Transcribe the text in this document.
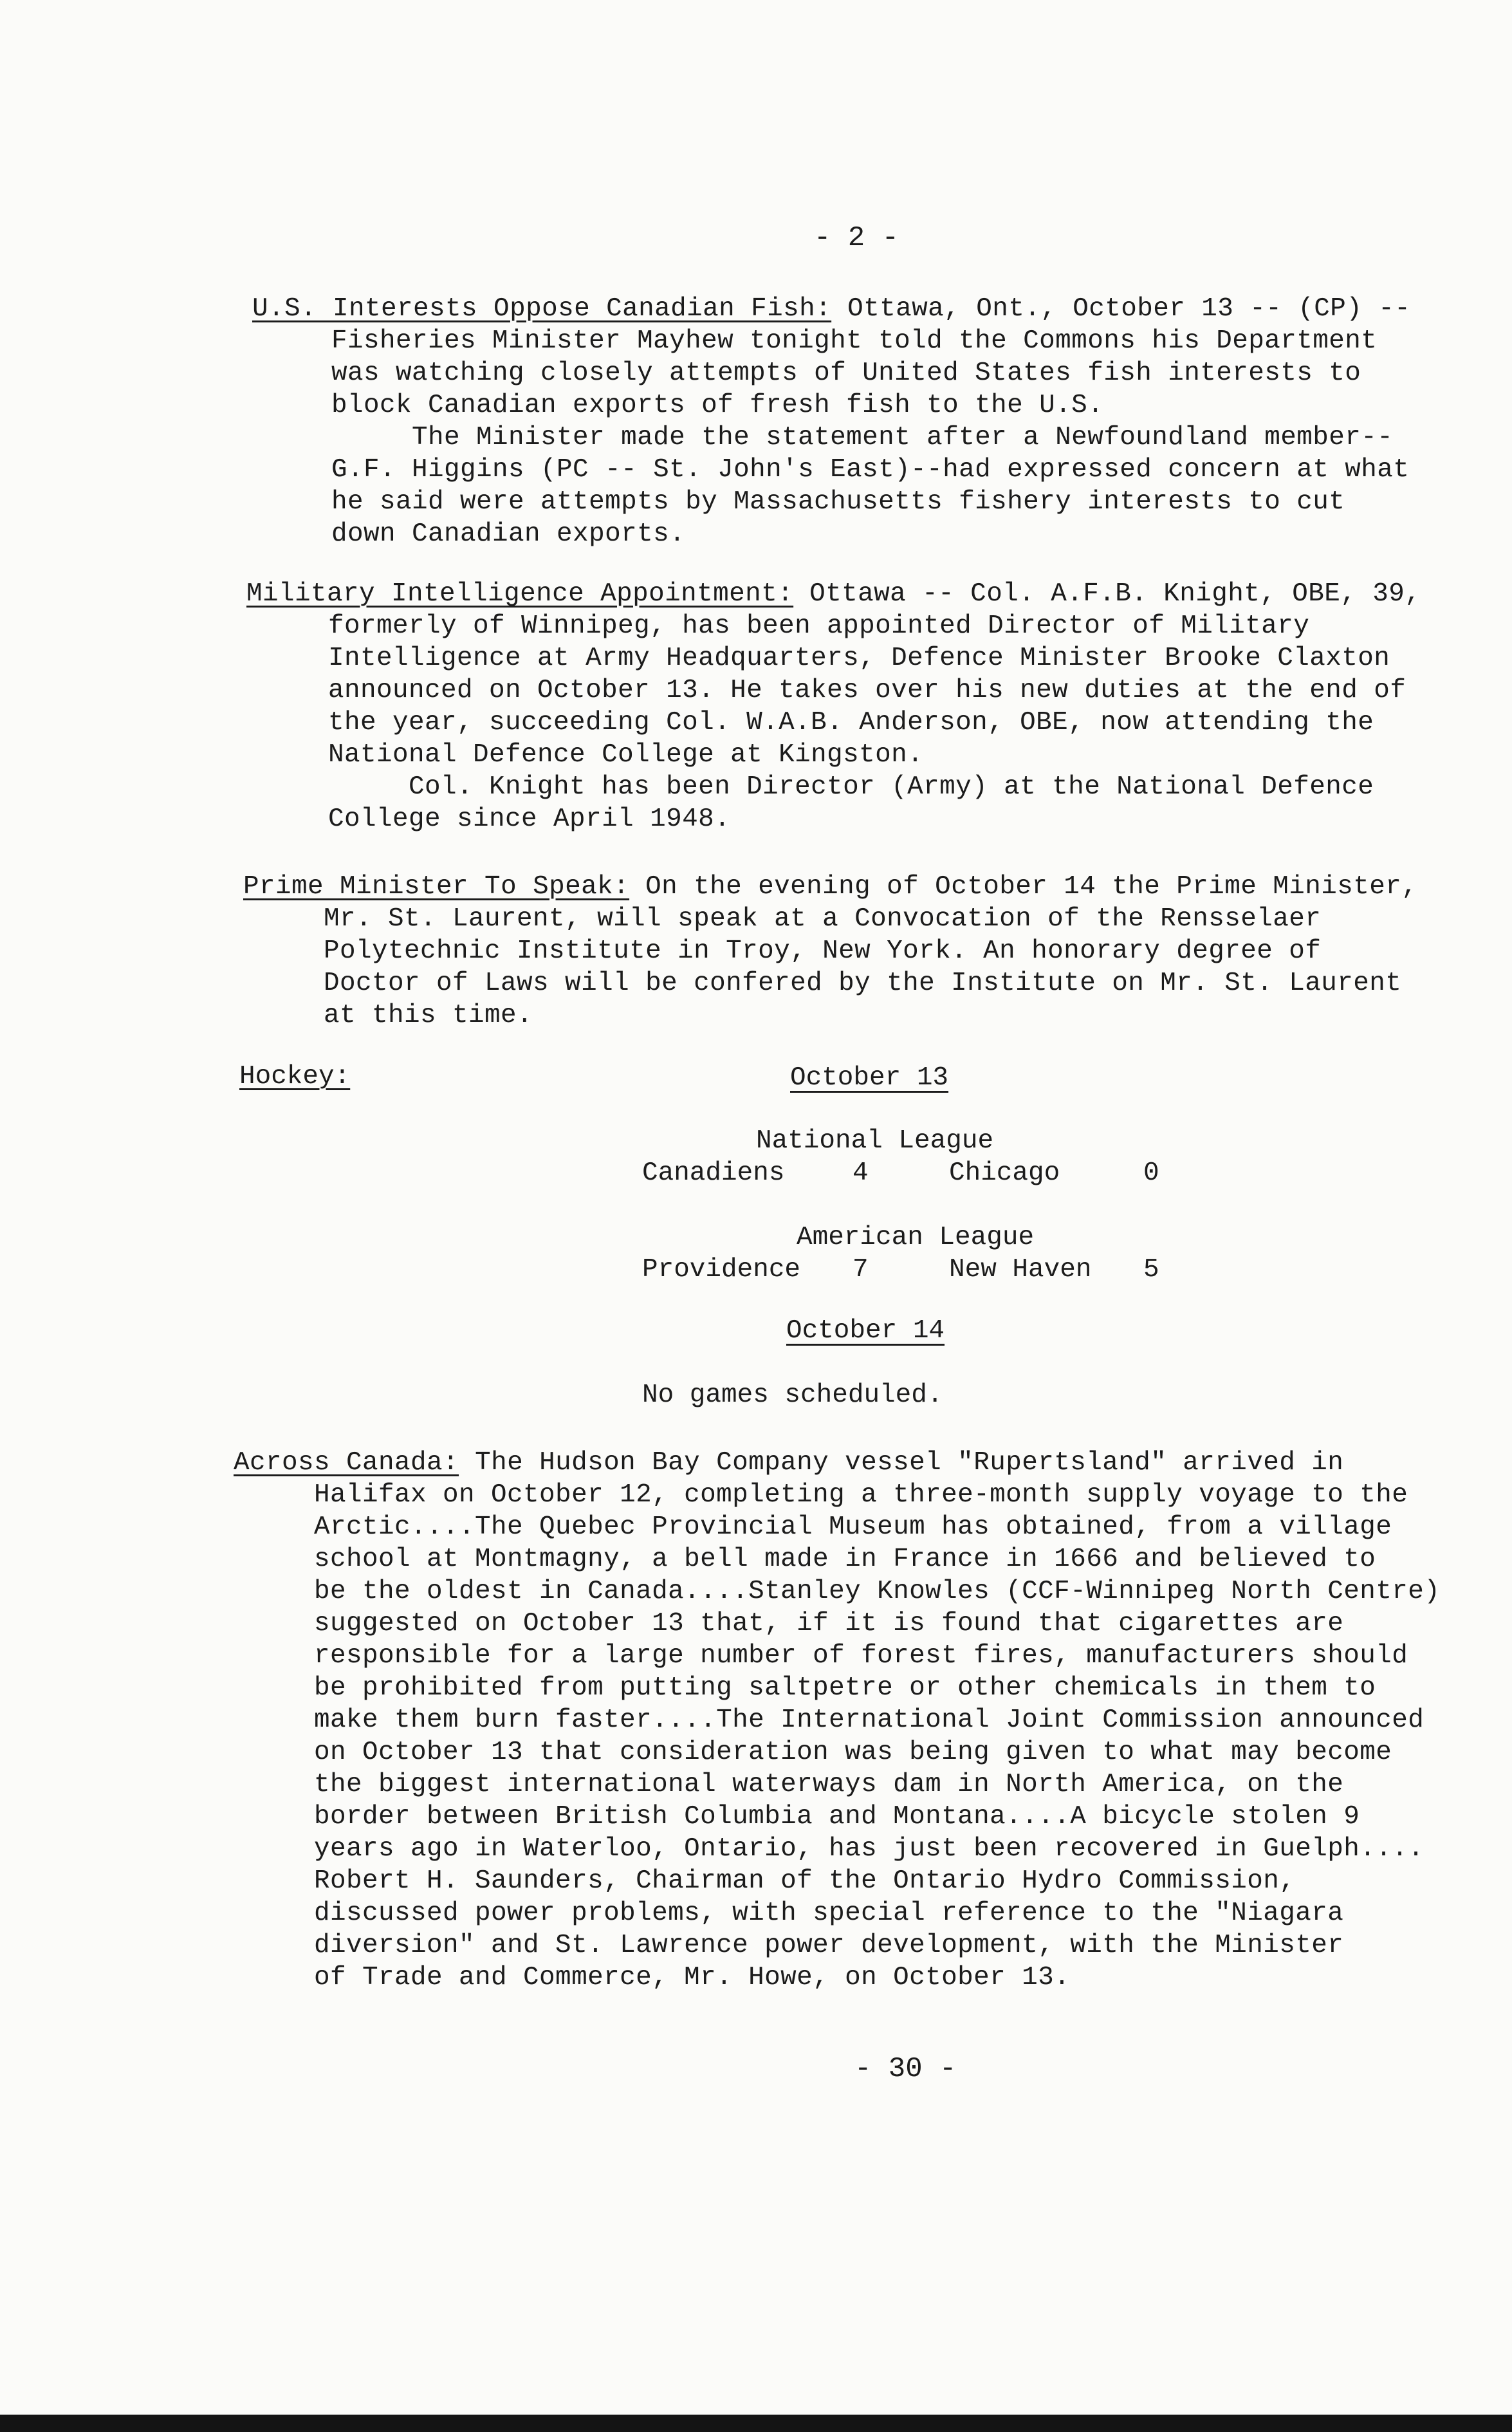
- 2 -
U.S. Interests Oppose Canadian Fish: Ottawa, Ont., October 13 -- (CP) --
Fisheries Minister Mayhew tonight told the Commons his Department
was watching closely attempts of United States fish interests to
block Canadian exports of fresh fish to the U.S.
The Minister made the statement after a Newfoundland member--
G.F. Higgins (PC -- St. John's East)--had expressed concern at what
he said were attempts by Massachusetts fishery interests to cut
down Canadian exports.
Military Intelligence Appointment: Ottawa -- Col. A.F.B. Knight, OBE, 39,
formerly of Winnipeg, has been appointed Director of Military
Intelligence at Army Headquarters, Defence Minister Brooke Claxton
announced on October 13. He takes over his new duties at the end of
the year, succeeding Col. W.A.B. Anderson, OBE, now attending the
National Defence College at Kingston.
Col. Knight has been Director (Army) at the National Defence
College since April 1948.
Prime Minister To Speak: On the evening of October 14 the Prime Minister,
Mr. St. Laurent, will speak at a Convocation of the Rensselaer
Polytechnic Institute in Troy, New York. An honorary degree of
Doctor of Laws will be confered by the Institute on Mr. St. Laurent
at this time.
Hockey:	October 13
National League
Canadiens	4	Chicago	0
American League
Providence 7	New Haven 5
October 14
No games scheduled.
Across Canada: The Hudson Bay Company vessel "Rupertsland" arrived in
Halifax on October 12, completing a three-month supply voyage to the
Arctic....The Quebec Provincial Museum has obtained, from a village
school at Montmagny, a bell made in France in 1666 and believed to
be the oldest in Canada....Stanley Knowles (CCF-Winnipeg North Centre)
suggested on October 13 that, if it is found that cigarettes are
responsible for a large number of forest fires, manufacturers should
be prohibited from putting saltpetre or other chemicals in them to
make them burn faster....The International Joint Commission announced
on October 13 that consideration was being given to what may become
the biggest international waterways dam in North America, on the
border between British Columbia and Montana....A bicycle stolen 9
years ago in Waterloo, Ontario, has just been recovered in Guelph....
Robert H. Saunders, Chairman of the Ontario Hydro Commission,
discussed power problems, with special reference to the "Niagara
diversion" and St. Lawrence power development, with the Minister
of Trade and Commerce, Mr. Howe, on October 13.
- 30 -
